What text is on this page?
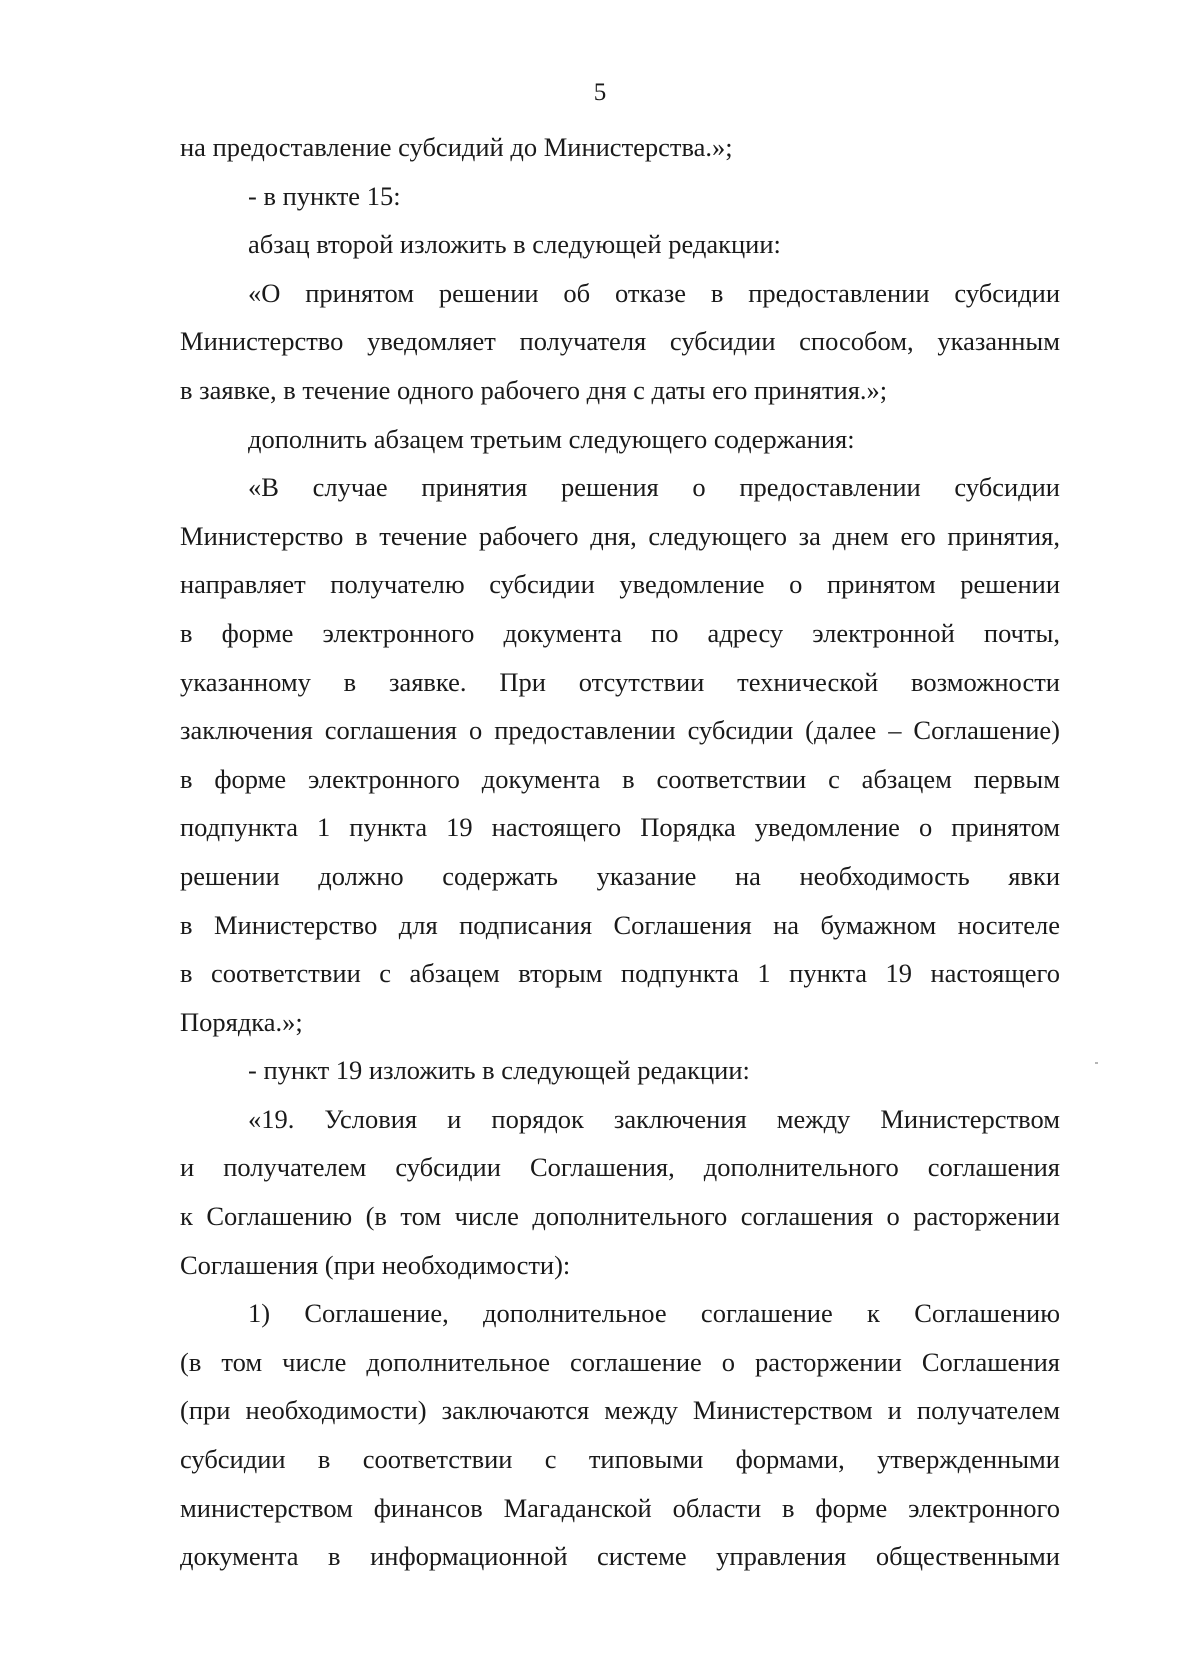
5
на предоставление субсидий до Министерства.»;
- в пункте 15:
абзац второй изложить в следующей редакции:
«О принятом решении об отказе в предоставлении субсидии
Министерство уведомляет получателя субсидии способом, указанным
в заявке, в течение одного рабочего дня с даты его принятия.»;
дополнить абзацем третьим следующего содержания:
«В случае принятия решения о предоставлении субсидии
Министерство в течение рабочего дня, следующего за днем его принятия,
направляет получателю субсидии уведомление о принятом решении
в форме электронного документа по адресу электронной почты,
указанному в заявке. При отсутствии технической возможности
заключения соглашения о предоставлении субсидии (далее – Соглашение)
в форме электронного документа в соответствии с абзацем первым
подпункта 1 пункта 19 настоящего Порядка уведомление о принятом
решении должно содержать указание на необходимость явки
в Министерство для подписания Соглашения на бумажном носителе
в соответствии с абзацем вторым подпункта 1 пункта 19 настоящего
Порядка.»;
- пункт 19 изложить в следующей редакции:
«19. Условия и порядок заключения между Министерством
и получателем субсидии Соглашения, дополнительного соглашения
к Соглашению (в том числе дополнительного соглашения о расторжении
Соглашения (при необходимости):
1) Соглашение, дополнительное соглашение к Соглашению
(в том числе дополнительное соглашение о расторжении Соглашения
(при необходимости) заключаются между Министерством и получателем
субсидии в соответствии с типовыми формами, утвержденными
министерством финансов Магаданской области в форме электронного
документа в информационной системе управления общественными
